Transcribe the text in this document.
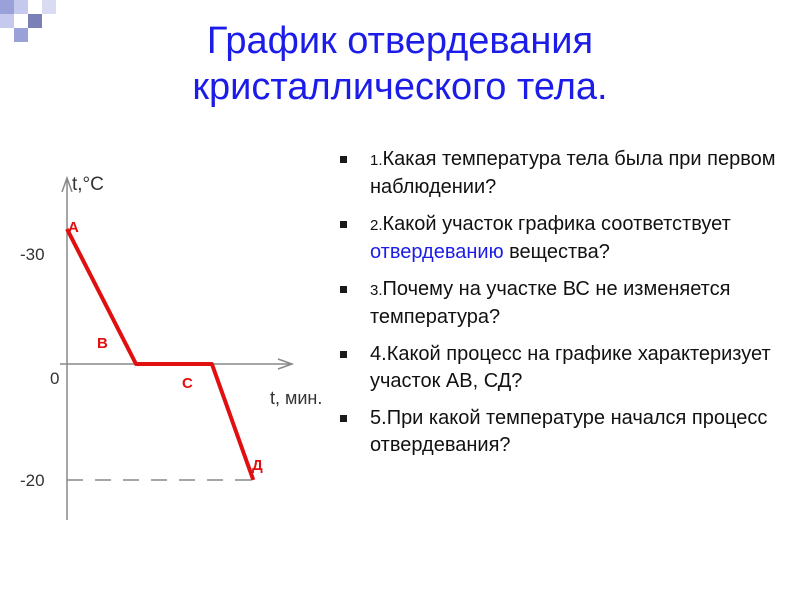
График отвердевания
кристаллического тела.
t,°C
t, мин.
-30
0
-20
А
В
С
Д
1.Какая температура тела была при первом наблюдении?
2.Какой участок графика соответствует отвердеванию вещества?
3.Почему на участке ВС не изменяется температура?
4.Какой процесс на графике характеризует участок АВ, СД?
5.При какой температуре начался процесс отвердевания?
